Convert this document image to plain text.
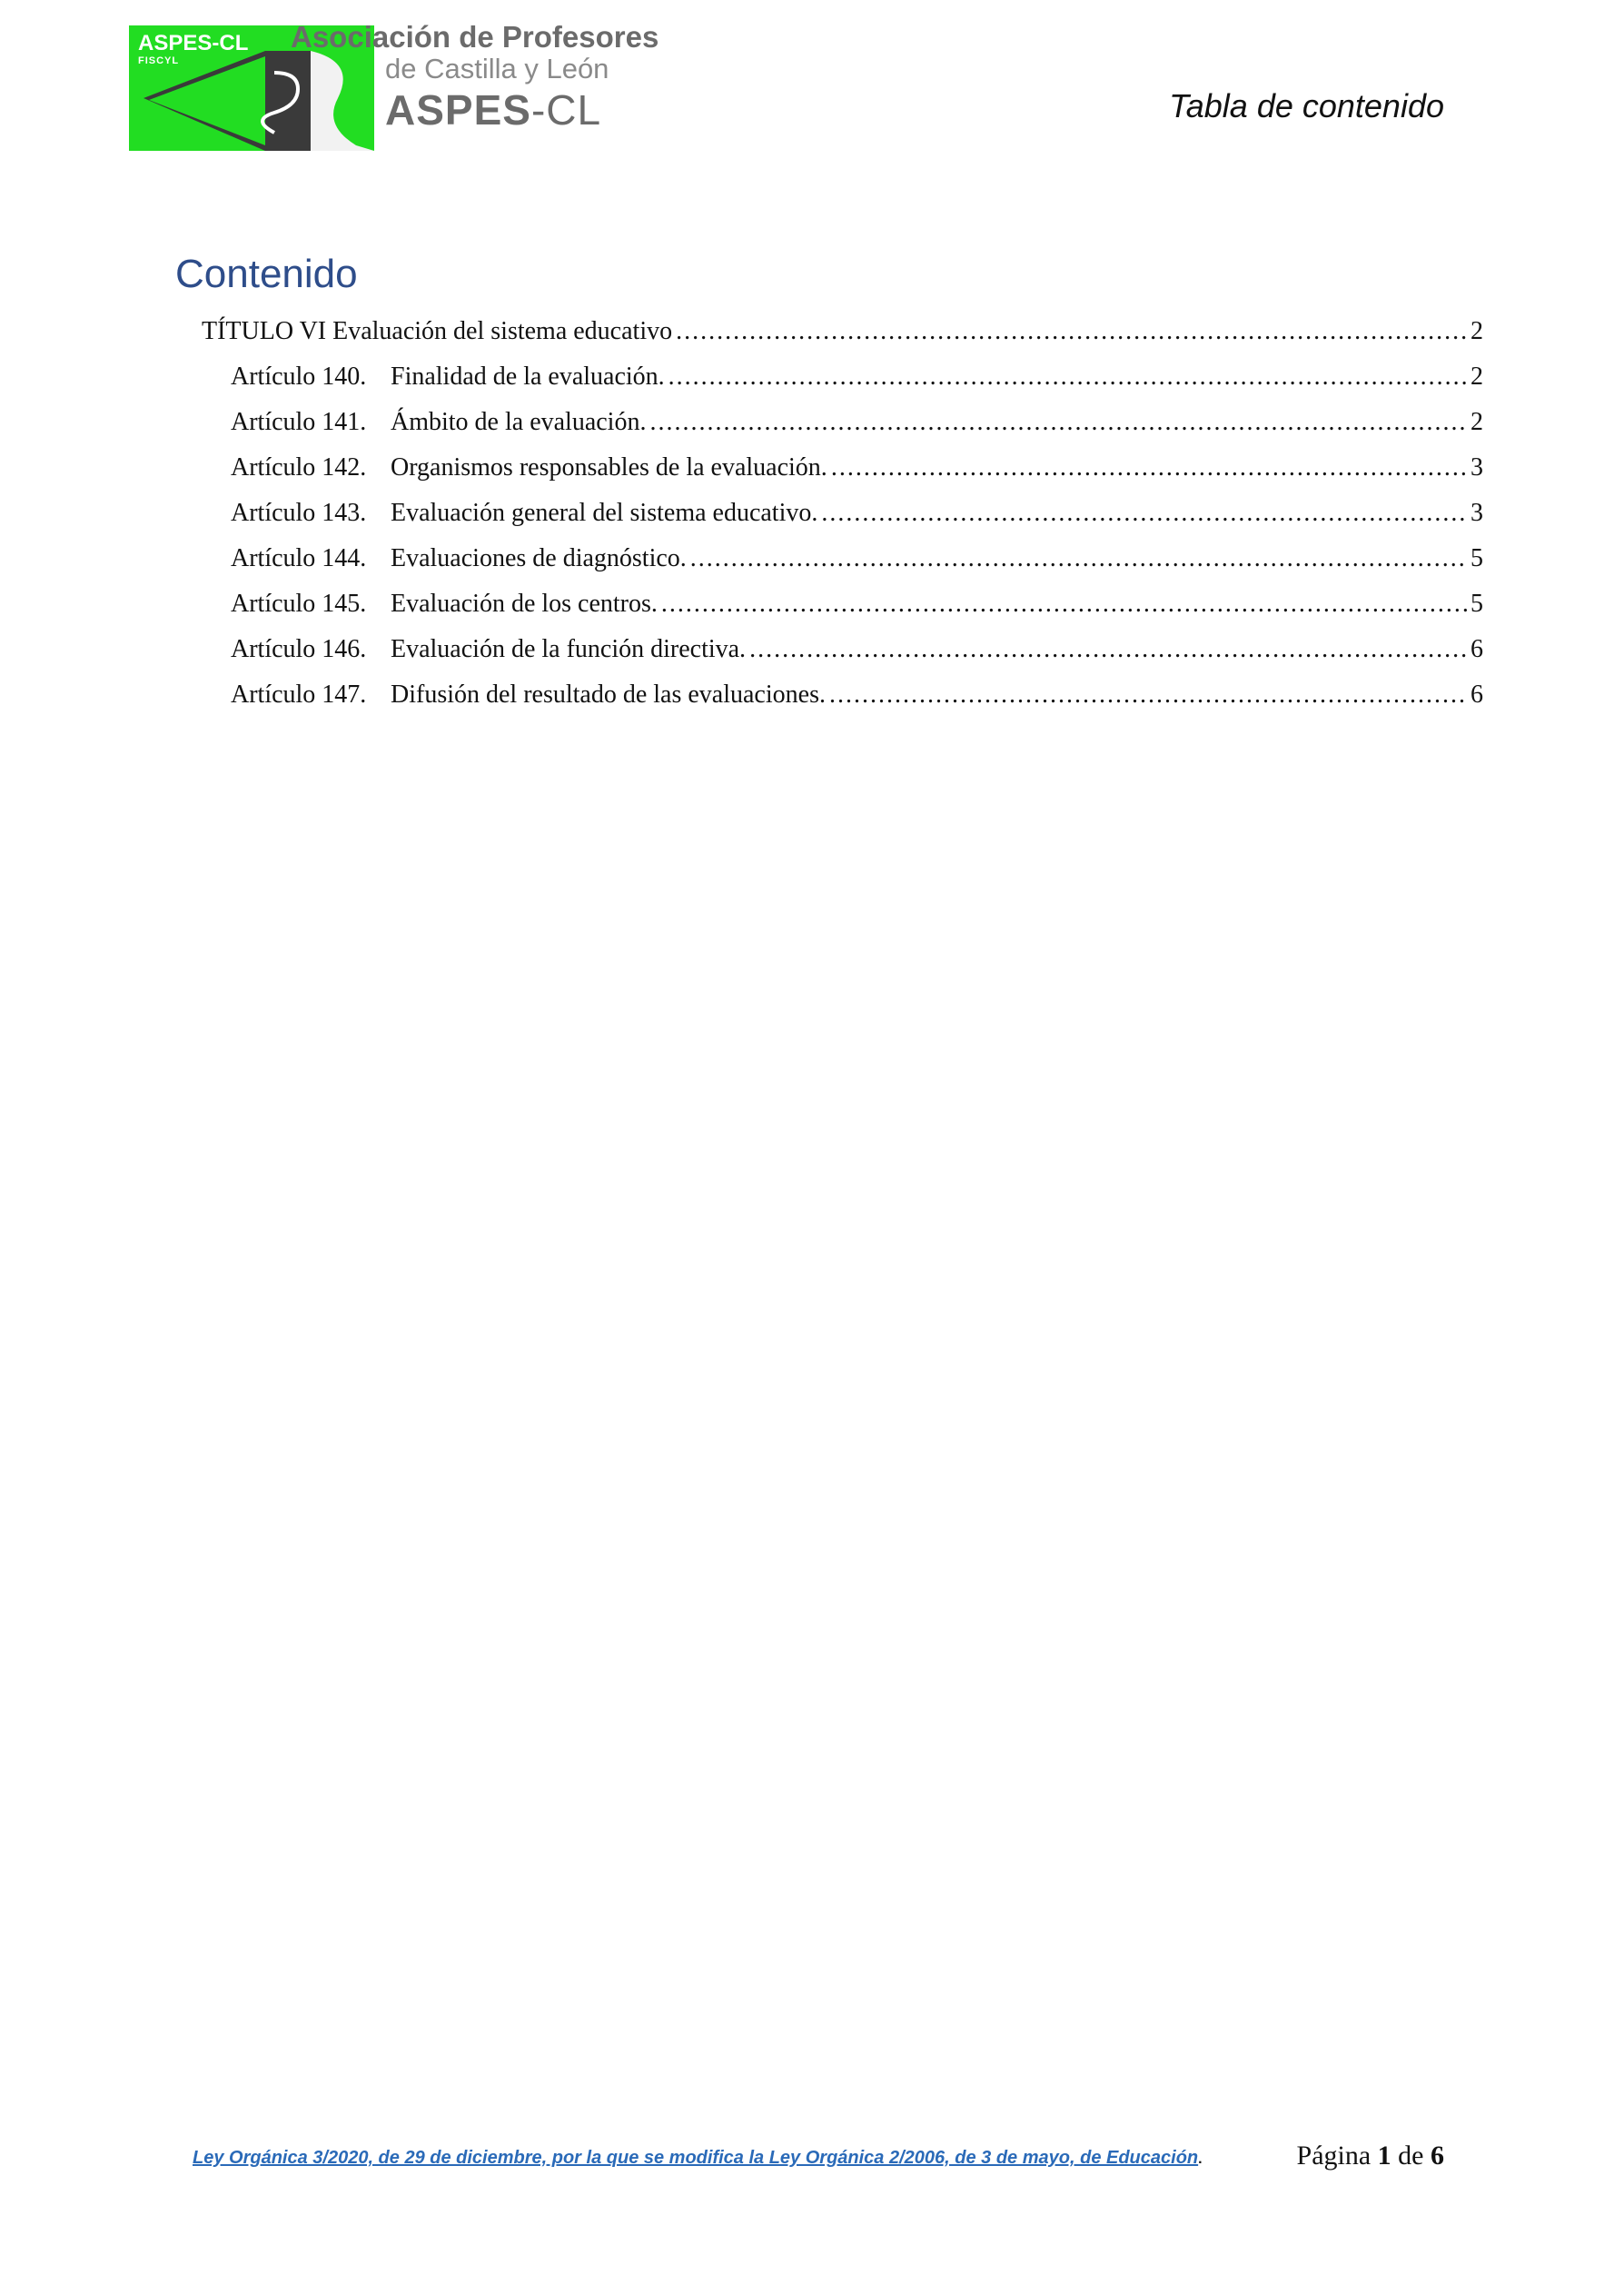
ASPES-CL
FISCYL
Asociación de Profesores
de Castilla y León
ASPES-CL	Tabla de contenido
Contenido
TÍTULO VI Evaluación del sistema educativo .....	2
Artículo 140. Finalidad de la evaluación. .....	2
Artículo 141. Ámbito de la evaluación. .....	2
Artículo 142. Organismos responsables de la evaluación. .....	3
Artículo 143. Evaluación general del sistema educativo. .....	3
Artículo 144. Evaluaciones de diagnóstico. .....	5
Artículo 145. Evaluación de los centros. .....	5
Artículo 146. Evaluación de la función directiva. .....	6
Artículo 147. Difusión del resultado de las evaluaciones. .....	6
Ley Orgánica 3/2020, de 29 de diciembre, por la que se modifica la Ley Orgánica 2/2006, de 3 de mayo, de Educación.	Página 1 de 6
